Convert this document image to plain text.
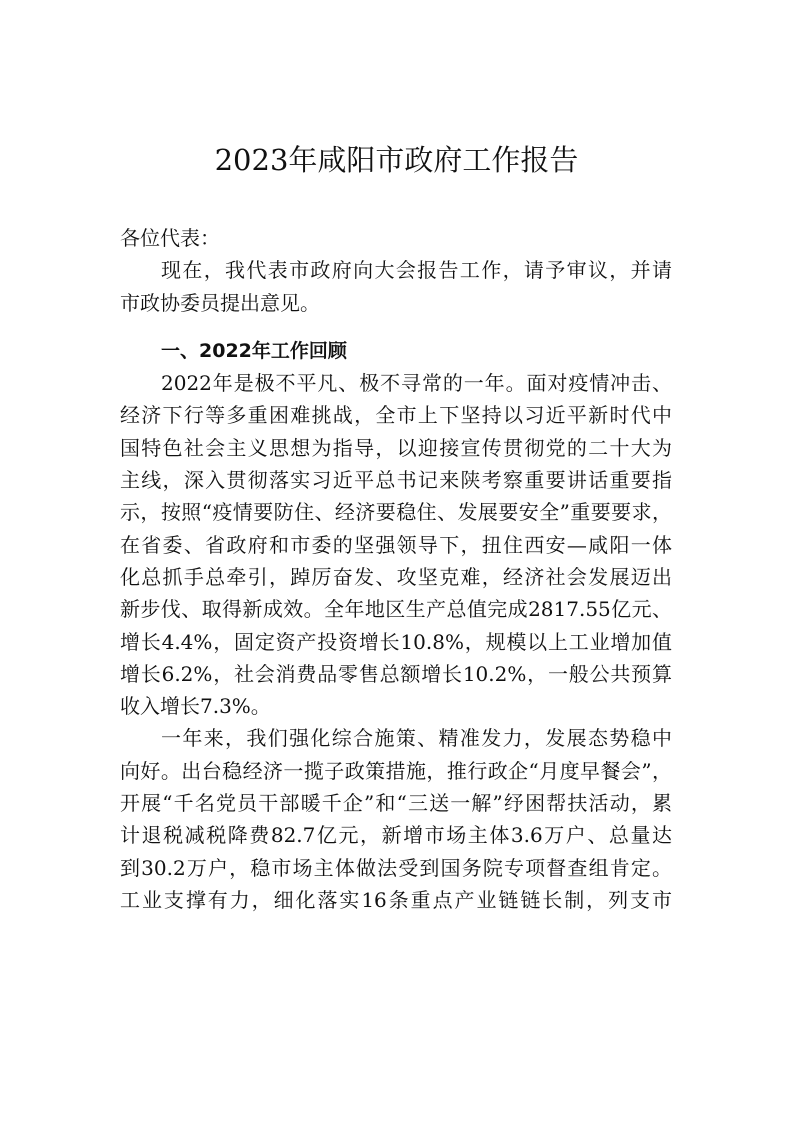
2023年咸阳市政府工作报告
各位代表：
现在，我代表市政府向大会报告工作，请予审议，并请
市政协委员提出意见。
一、2022年工作回顾
2022年是极不平凡、极不寻常的一年。面对疫情冲击、
经济下行等多重困难挑战，全市上下坚持以习近平新时代中
国特色社会主义思想为指导，以迎接宣传贯彻党的二十大为
主线，深入贯彻落实习近平总书记来陕考察重要讲话重要指
示，按照“疫情要防住、经济要稳住、发展要安全”重要要求，
在省委、省政府和市委的坚强领导下，扭住西安—咸阳一体
化总抓手总牵引，踔厉奋发、攻坚克难，经济社会发展迈出
新步伐、取得新成效。全年地区生产总值完成2817.55亿元、
增长4.4%，固定资产投资增长10.8%，规模以上工业增加值
增长6.2%，社会消费品零售总额增长10.2%，一般公共预算
收入增长7.3%。
一年来，我们强化综合施策、精准发力，发展态势稳中
向好。出台稳经济一揽子政策措施，推行政企“月度早餐会”，
开展“千名党员干部暖千企”和“三送一解”纾困帮扶活动，累
计退税减税降费82.7亿元，新增市场主体3.6万户、总量达
到30.2万户，稳市场主体做法受到国务院专项督查组肯定。
工业支撑有力，细化落实16条重点产业链链长制，列支市
